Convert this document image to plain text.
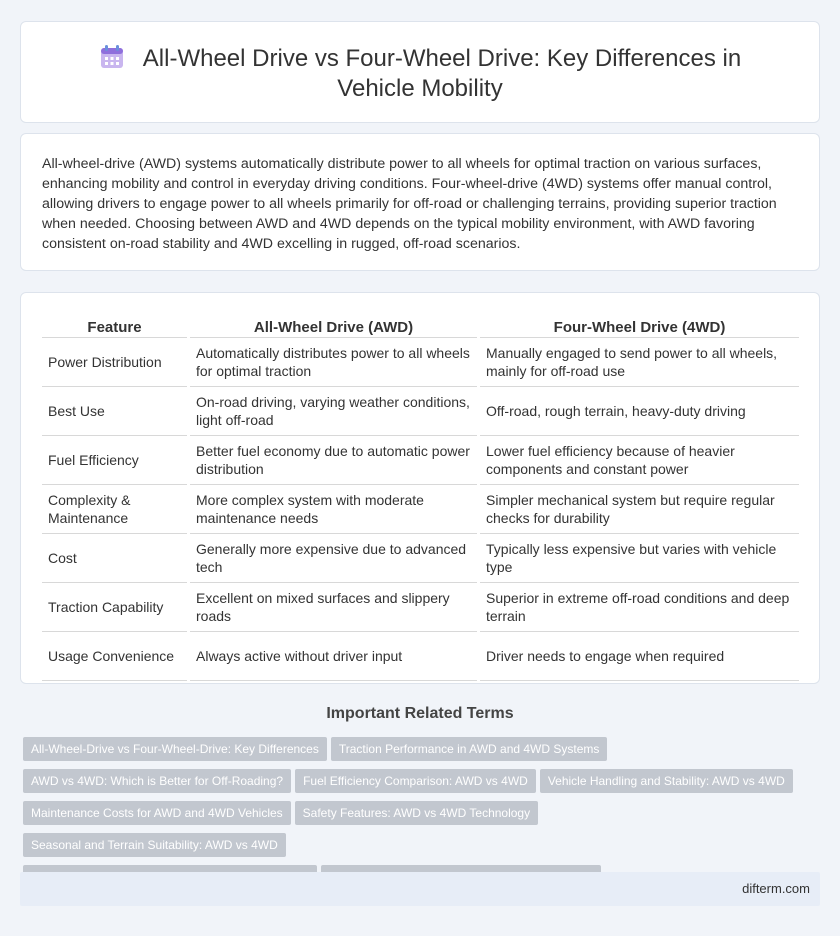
All-Wheel Drive vs Four-Wheel Drive: Key Differences in Vehicle Mobility

All-wheel-drive (AWD) systems automatically distribute power to all wheels for optimal traction on various surfaces, enhancing mobility and control in everyday driving conditions. Four-wheel-drive (4WD) systems offer manual control, allowing drivers to engage power to all wheels primarily for off-road or challenging terrains, providing superior traction when needed. Choosing between AWD and 4WD depends on the typical mobility environment, with AWD favoring consistent on-road stability and 4WD excelling in rugged, off-road scenarios.

Feature		All-Wheel Drive (AWD)		Four-Wheel Drive (4WD)
Power Distribution		Automatically distributes power to all wheels for optimal traction		Manually engaged to send power to all wheels, mainly for off-road use
Best Use		On-road driving, varying weather conditions, light off-road		Off-road, rough terrain, heavy-duty driving
Fuel Efficiency		Better fuel economy due to automatic power distribution		Lower fuel efficiency because of heavier components and constant power
Complexity & Maintenance		More complex system with moderate maintenance needs		Simpler mechanical system but require regular checks for durability
Cost		Generally more expensive due to advanced tech		Typically less expensive but varies with vehicle type
Traction Capability		Excellent on mixed surfaces and slippery roads		Superior in extreme off-road conditions and deep terrain
Usage Convenience		Always active without driver input		Driver needs to engage when required
Important Related Terms
All-Wheel-Drive vs Four-Wheel-Drive: Key Differences Traction Performance in AWD and 4WD Systems
AWD vs 4WD: Which is Better for Off-Roading? Fuel Efficiency Comparison: AWD vs 4WD Vehicle Handling and Stability: AWD vs 4WD
Maintenance Costs for AWD and 4WD Vehicles Safety Features: AWD vs 4WD TechnologySeasonal and Terrain Suitability: AWD vs 4WD

difterm.com
